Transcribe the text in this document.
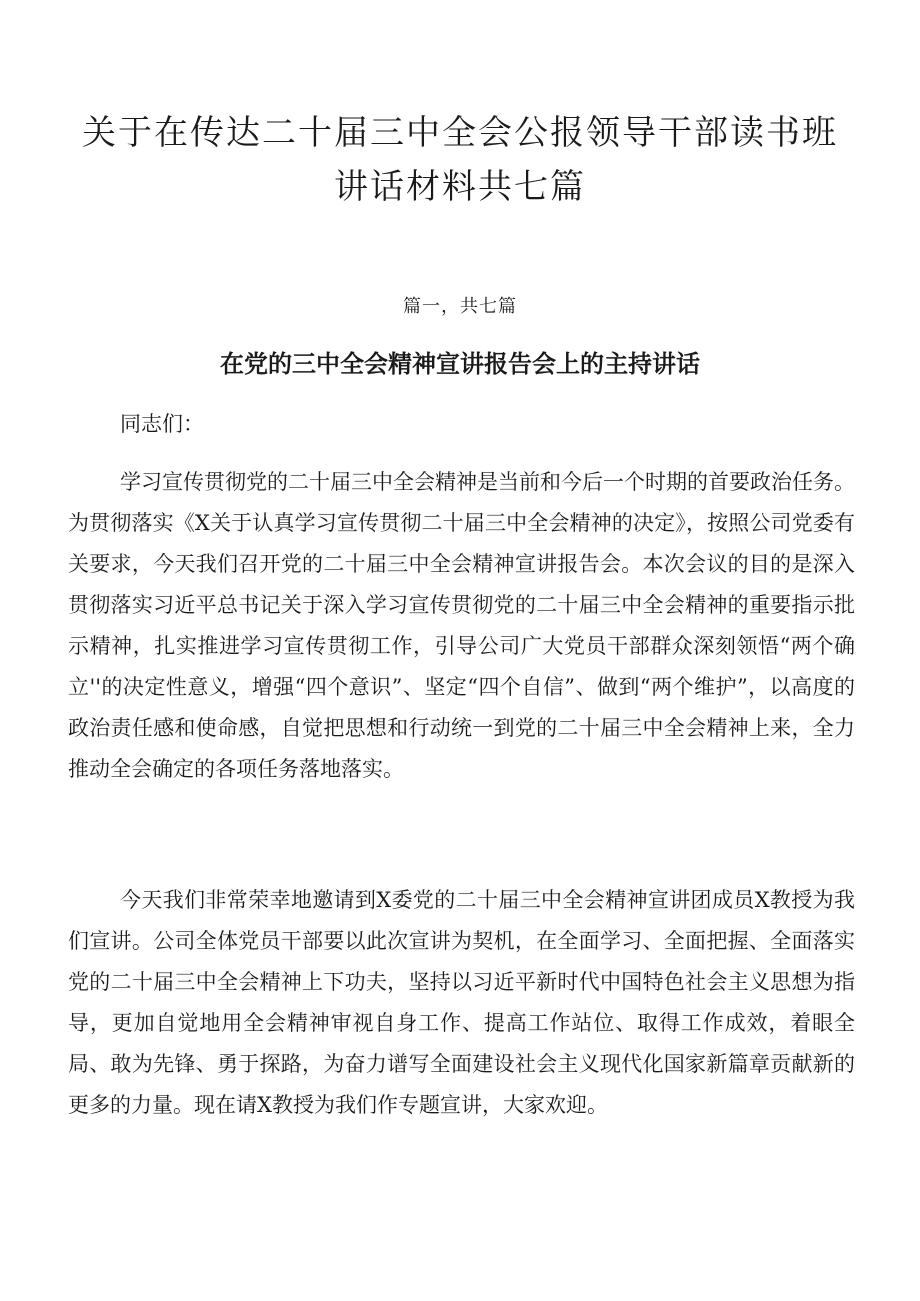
关于在传达二十届三中全会公报领导干部读书班讲话材料共七篇

篇一，共七篇

在党的三中全会精神宣讲报告会上的主持讲话

同志们：

学习宣传贯彻党的二十届三中全会精神是当前和今后一个时期的首要政治任务。为贯彻落实《X关于认真学习宣传贯彻二十届三中全会精神的决定》，按照公司党委有关要求，今天我们召开党的二十届三中全会精神宣讲报告会。本次会议的目的是深入贯彻落实习近平总书记关于深入学习宣传贯彻党的二十届三中全会精神的重要指示批示精神，扎实推进学习宣传贯彻工作，引导公司广大党员干部群众深刻领悟“两个确立''的决定性意义，增强“四个意识”、坚定“四个自信”、做到“两个维护”，以高度的政治责任感和使命感，自觉把思想和行动统一到党的二十届三中全会精神上来，全力推动全会确定的各项任务落地落实。

今天我们非常荣幸地邀请到X委党的二十届三中全会精神宣讲团成员X教授为我们宣讲。公司全体党员干部要以此次宣讲为契机，在全面学习、全面把握、全面落实党的二十届三中全会精神上下功夫，坚持以习近平新时代中国特色社会主义思想为指导，更加自觉地用全会精神审视自身工作、提高工作站位、取得工作成效，着眼全局、敢为先锋、勇于探路，为奋力谱写全面建设社会主义现代化国家新篇章贡献新的更多的力量。现在请X教授为我们作专题宣讲，大家欢迎。
